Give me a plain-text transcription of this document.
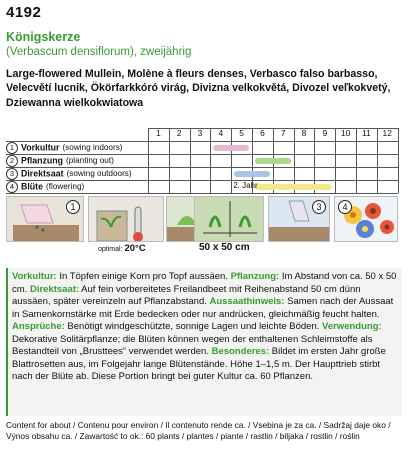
4192
Königskerze
(Verbascum densiflorum), zweijährig
Large-flowered Mullein, Molène à fleurs denses, Verbasco falso barbasso, Velecvětí lucnik, Ökörfarkkóró virág, Divizna velkokvětá, Divozel veľkokvetý, Dziewanna wielkokwiatowa
1	2	3	4	5	6	7	8	9	10	11	12
1 Vorkultur (sowing indoors)
2 Pflanzung (planting out)
3 Direktsaat (sowing outdoors)
4 Blüte (flowering)	2. Jahr
1	3	4
optimal: 20°C	50 x 50 cm
Vorkultur: In Töpfen einige Korn pro Topf aussäen. Pflanzung: Im Abstand von ca. 50 x 50 cm. Direktsaat: Auf fein vorbereitetes Freilandbeet mit Reihenabstand 50 cm dünn aussäen, später vereinzeln auf Pflanzabstand. Aussaathinweis: Samen nach der Aussaat in Samenkornstärke mit Erde bedecken oder nur andrücken, gleichmäßig feucht halten. Ansprüche: Benötigt windgeschützte, sonnige Lagen und leichte Böden. Verwendung: Dekorative Solitärpflanze; die Blüten können wegen der enthaltenen Schleimstoffe als Bestandteil von „Brusttees“ verwendet werden. Besonderes: Bildet im ersten Jahr große Blattrosetten aus, im Folgejahr lange Blütenstände. Höhe 1–1,5 m. Der Haupttrieb stirbt nach der Blüte ab. Diese Portion bringt bei guter Kultur ca. 60 Pflanzen.
Content for about / Contenu pour environ / Il contenuto rende ca. / Vsebina je za ca. / Sadržaj daje oko /
Výnos obsahu ca. / Zawartość to ok.: 60 plants / plantes / piante / rastlin / biljaka / rostlin / roślin
